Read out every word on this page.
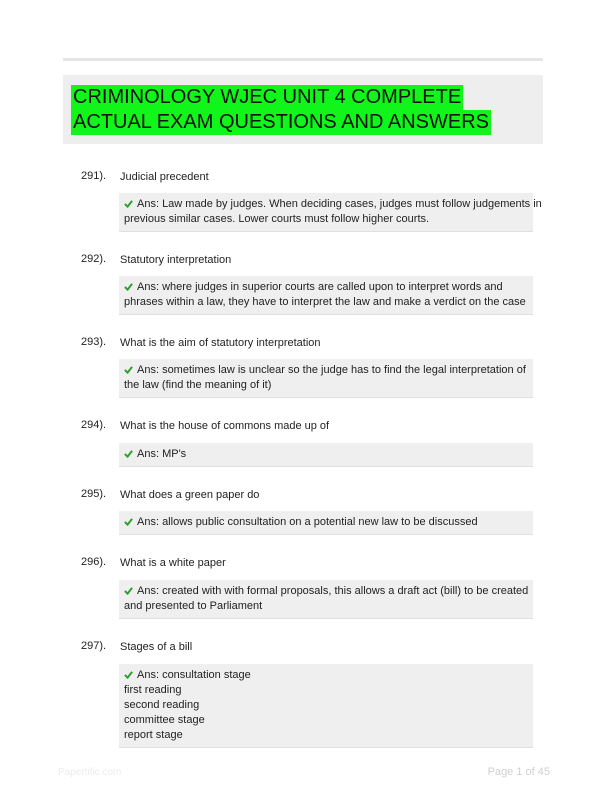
CRIMINOLOGY WJEC UNIT 4 COMPLETE
ACTUAL EXAM QUESTIONS AND ANSWERS
291). Judicial precedent
Ans: Law made by judges. When deciding cases, judges must follow judgements in
previous similar cases. Lower courts must follow higher courts.
292). Statutory interpretation
Ans: where judges in superior courts are called upon to interpret words and
phrases within a law, they have to interpret the law and make a verdict on the case
293). What is the aim of statutory interpretation
Ans: sometimes law is unclear so the judge has to find the legal interpretation of
the law (find the meaning of it)
294). What is the house of commons made up of
Ans: MP's
295). What does a green paper do
Ans: allows public consultation on a potential new law to be discussed
296). What is a white paper
Ans: created with with formal proposals, this allows a draft act (bill) to be created
and presented to Parliament
297). Stages of a bill
Ans: consultation stage
first reading
second reading
committee stage
report stage
Papertific.com	Page 1 of 45
